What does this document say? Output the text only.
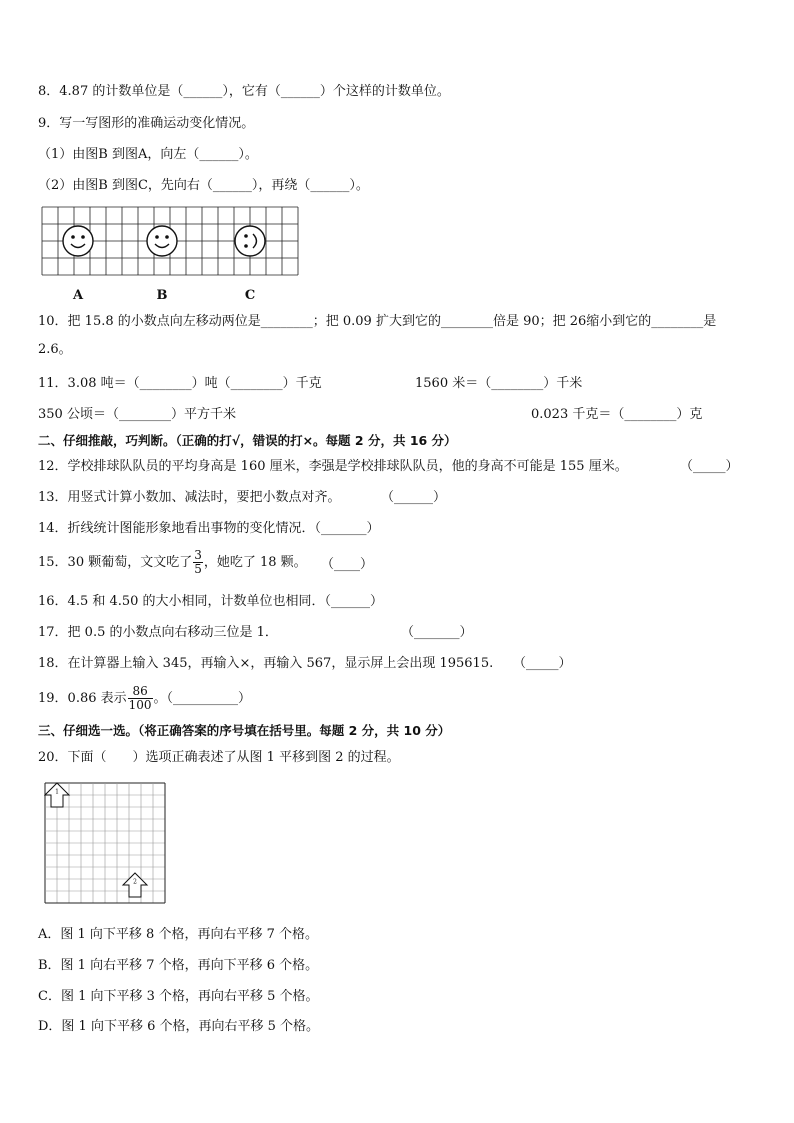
8．4.87 的计数单位是（______），它有（______）个这样的计数单位。
9．写一写图形的准确运动变化情况。
（1）由图B 到图A，向左（______）。
（2）由图B 到图C，先向右（______），再绕（______）。
A	B	C
10．把 15.8 的小数点向左移动两位是________；把 0.09 扩大到它的________倍是 90；把 26缩小到它的________是
2.6。
11．3.08 吨＝（________）吨（________）千克	1560 米＝（________）千米
350 公顷＝（________）平方千米	0.023 千克＝（________）克
二、仔细推敲，巧判断。（正确的打√，错误的打×。每题 2 分，共 16 分）
12．学校排球队队员的平均身高是 160 厘米，李强是学校排球队队员，他的身高不可能是 155 厘米。	（_____）
13．用竖式计算小数加、减法时，要把小数点对齐。	（______）
14．折线统计图能形象地看出事物的变化情况．（_______）
15．30 颗葡萄，文文吃了 $\frac{3}{5}$ ，她吃了 18 颗。 （____）
16．4.5 和 4.50 的大小相同，计数单位也相同．（______）
17．把 0.5 的小数点向右移动三位是 1．	（_______）
18．在计算器上输入 345，再输入×，再输入 567，显示屏上会出现 195615. （_____）
19．0.86 表示 $\frac{86}{100}$ 。（__________）
三、仔细选一选。（将正确答案的序号填在括号里。每题 2 分，共 10 分）
20．下面（　　）选项正确表述了从图 1 平移到图 2 的过程。
1
2
A．图 1 向下平移 8 个格，再向右平移 7 个格。
B．图 1 向右平移 7 个格，再向下平移 6 个格。
C．图 1 向下平移 3 个格，再向右平移 5 个格。
D．图 1 向下平移 6 个格，再向右平移 5 个格。
